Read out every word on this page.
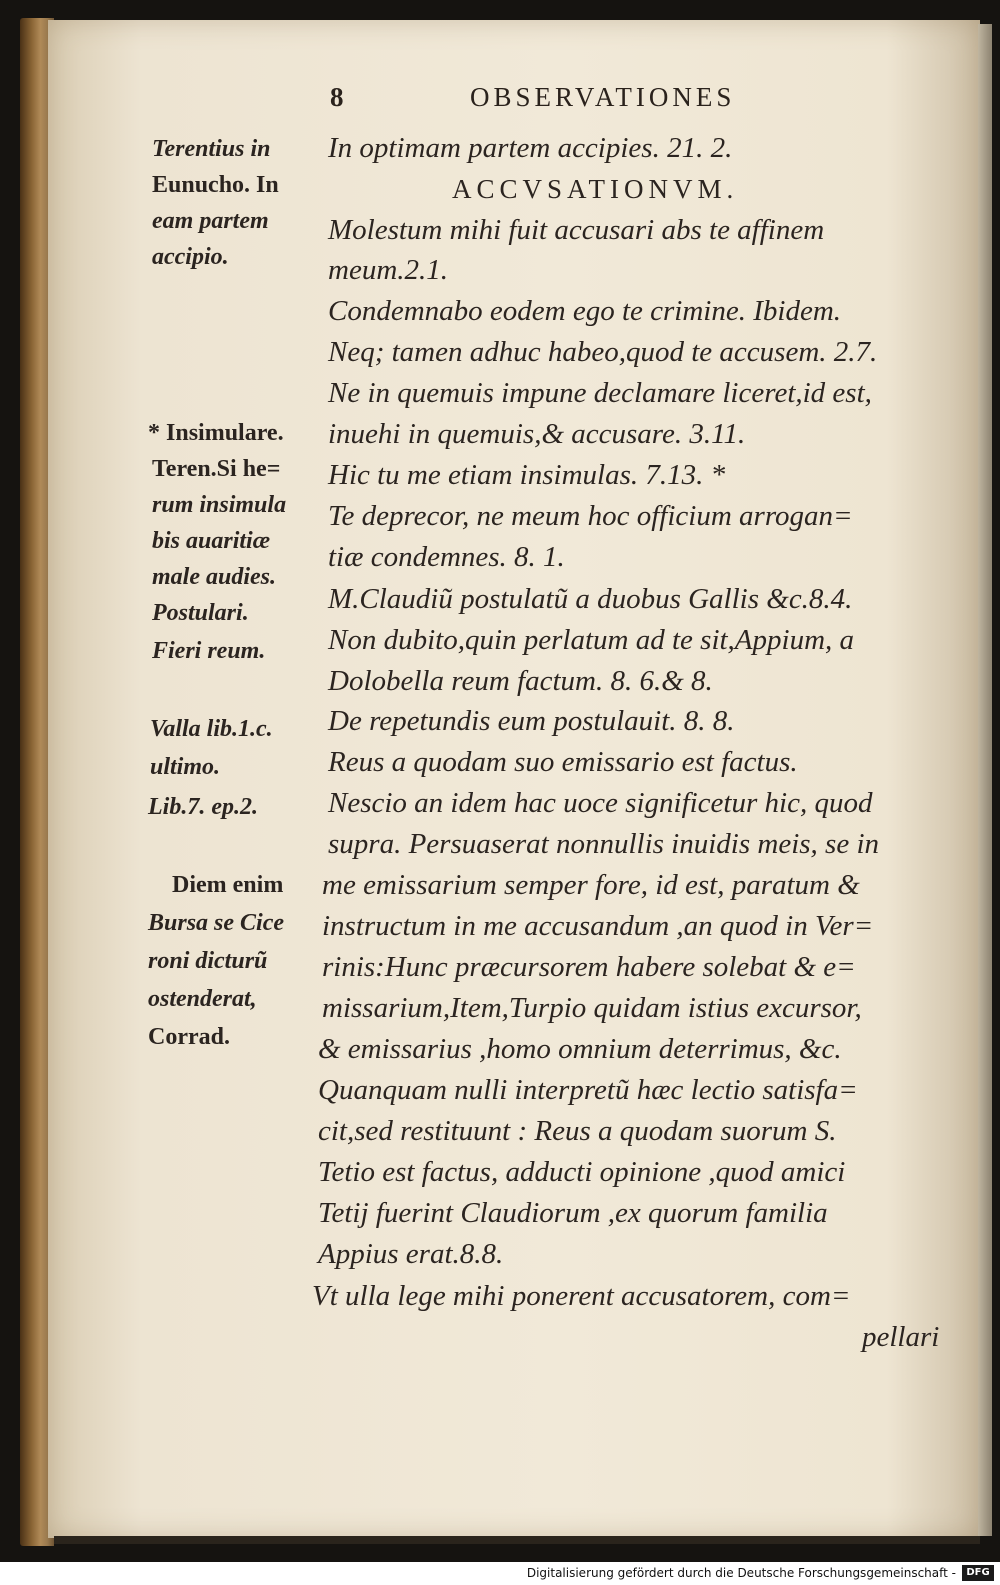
8	OBSERVATIONES
In optimam partem accipies. 21. 2.
ACCVSATIONVM.
Molestum mihi fuit accusari abs te affinem
meum.2.1.
Condemnabo eodem ego te crimine. Ibidem.
Neq; tamen adhuc habeo,quod te accusem. 2.7.
Ne in quemuis impune declamare liceret,id est,
inuehi in quemuis,& accusare. 3.11.
Hic tu me etiam insimulas. 7.13. *
Te deprecor, ne meum hoc officium arrogan=
tiæ condemnes. 8. 1.
M.Claudiũ postulatũ a duobus Gallis &c.8.4.
Non dubito,quin perlatum ad te sit,Appium, a
Dolobella reum factum. 8. 6.& 8.
De repetundis eum postulauit. 8. 8.
Reus a quodam suo emissario est factus.
Nescio an idem hac uoce significetur hic, quod
supra. Persuaserat nonnullis inuidis meis, se in
me emissarium semper fore, id est, paratum &
instructum in me accusandum ,an quod in Ver=
rinis:Hunc præcursorem habere solebat & e=
missarium,Item,Turpio quidam istius excursor,
& emissarius ,homo omnium deterrimus, &c.
Quanquam nulli interpretũ hæc lectio satisfa=
cit,sed restituunt : Reus a quodam suorum S.
Tetio est factus, adducti opinione ,quod amici
Tetij fuerint Claudiorum ,ex quorum familia
Appius erat.8.8.
Vt ulla lege mihi ponerent accusatorem, com=
pellari
Terentius in
Eunucho. In
eam partem
accipio.
* Insimulare.
Teren.Si he=
rum insimula
bis auaritiæ
male audies.
Postulari.
Fieri reum.
Valla lib.1.c.
ultimo.
Lib.7. ep.2.
Diem enim
Bursa se Cice
roni dicturũ
ostenderat,
Corrad.
Digitalisierung gefördert durch die Deutsche Forschungsgemeinschaft -	DFG
